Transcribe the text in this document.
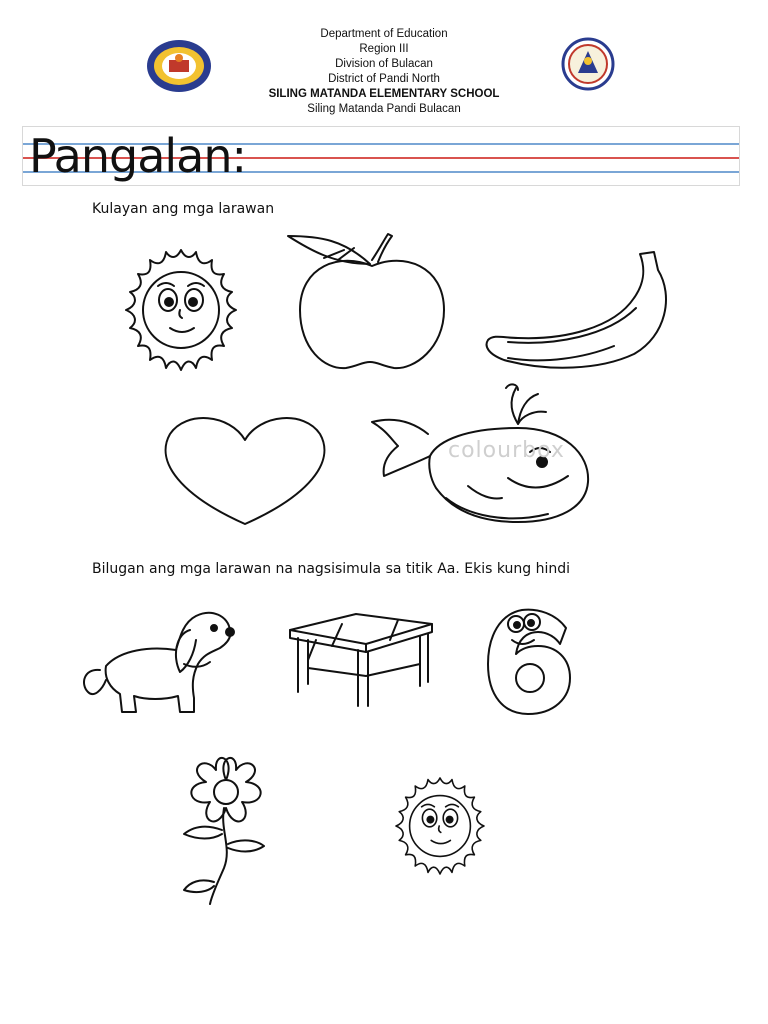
Department of Education
Region III
Division of Bulacan
District of Pandi North
SILING MATANDA ELEMENTARY SCHOOL
Siling Matanda Pandi Bulacan
Pangalan:
Kulayan ang mga larawan
colourbox
Bilugan ang mga larawan na nagsisimula sa titik Aa. Ekis kung hindi
